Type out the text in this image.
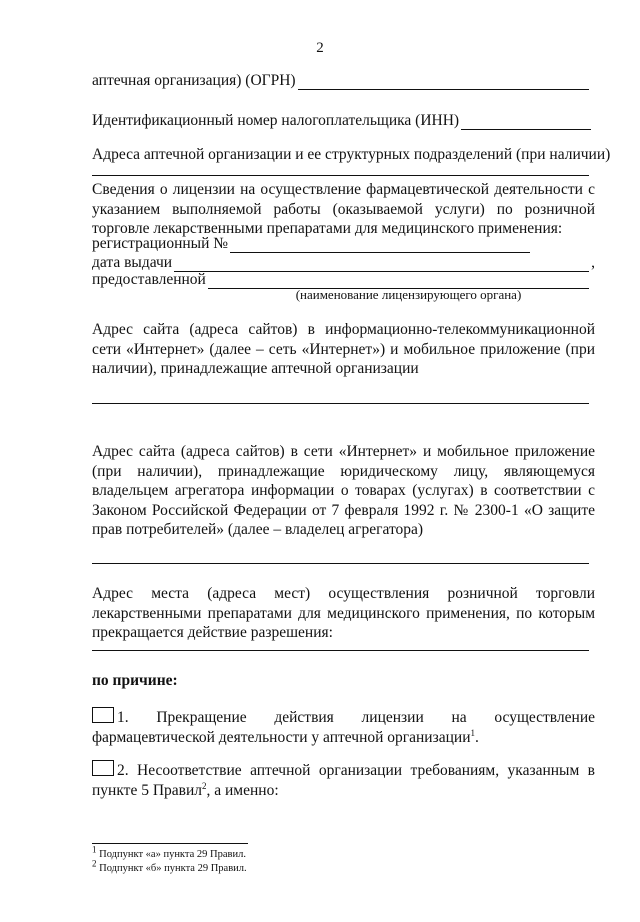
2
аптечная организация) (ОГРН)
Идентификационный номер налогоплательщика (ИНН)
Адреса аптечной организации и ее структурных подразделений (при наличии)

Сведения о лицензии на осуществление фармацевтической деятельности с указанием выполняемой работы (оказываемой услуги) по розничной торговле лекарственными препаратами для медицинского применения:

регистрационный №
дата выдачи	,
предоставленной
(наименование лицензирующего органа)

Адрес сайта (адреса сайтов) в информационно-телекоммуникационной сети «Интернет» (далее – сеть «Интернет») и мобильное приложение (при наличии), принадлежащие аптечной организации

Адрес сайта (адреса сайтов) в сети «Интернет» и мобильное приложение (при наличии), принадлежащие юридическому лицу, являющемуся владельцем агрегатора информации о товарах (услугах) в соответствии с Законом Российской Федерации от 7 февраля 1992 г. № 2300-1 «О защите прав потребителей» (далее – владелец агрегатора)

Адрес места (адреса мест) осуществления розничной торговли лекарственными препаратами для медицинского применения, по которым прекращается действие разрешения:

по причине:

1. Прекращение действия лицензии на осуществление фармацевтической деятельности у аптечной организации$^1$.

2. Несоответствие аптечной организации требованиям, указанным в пункте 5 Правил$^2$, а именно:

$^1$ Подпункт «а» пункта 29 Правил.
$^2$ Подпункт «б» пункта 29 Правил.
